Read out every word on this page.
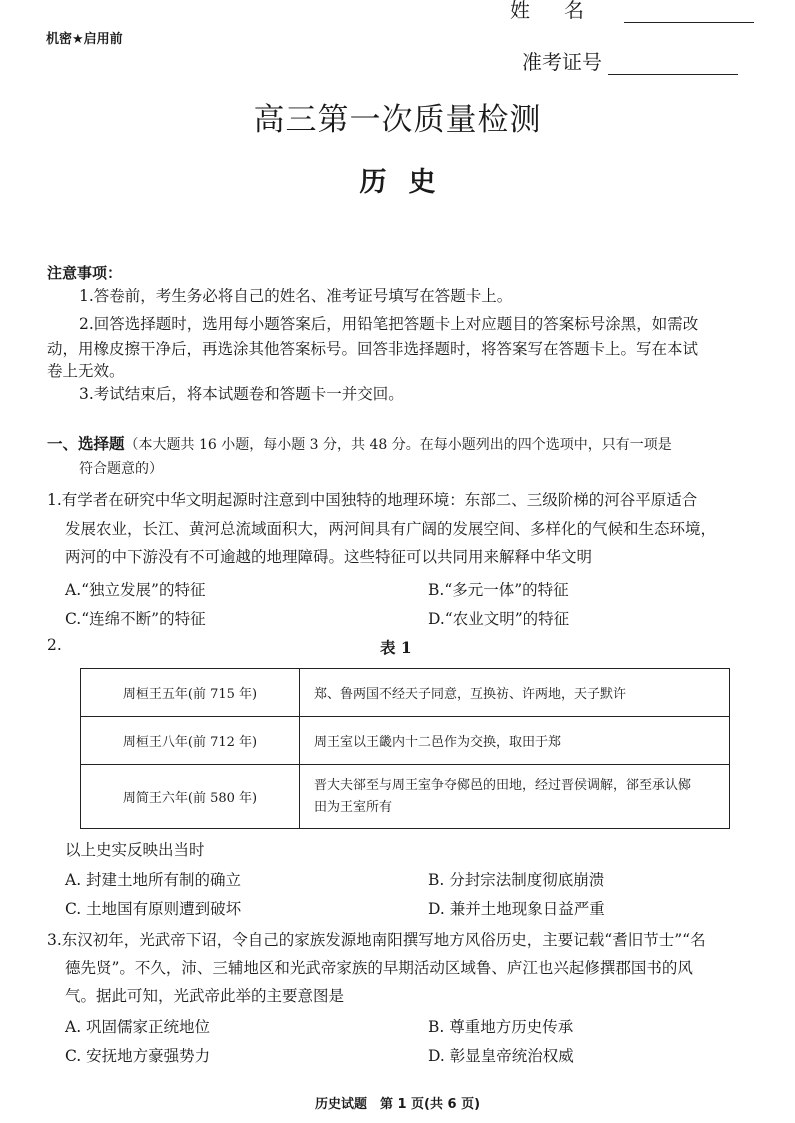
机密★启用前
姓名
准考证号
高三第一次质量检测
历史
注意事项：
1.答卷前，考生务必将自己的姓名、准考证号填写在答题卡上。
2.回答选择题时，选用每小题答案后，用铅笔把答题卡上对应题目的答案标号涂黑，如需改
动，用橡皮擦干净后，再选涂其他答案标号。回答非选择题时，将答案写在答题卡上。写在本试
卷上无效。
3.考试结束后，将本试题卷和答题卡一并交回。
一、选择题（本大题共 16 小题，每小题 3 分，共 48 分。在每小题列出的四个选项中，只有一项是
符合题意的）
1.有学者在研究中华文明起源时注意到中国独特的地理环境：东部二、三级阶梯的河谷平原适合
发展农业，长江、黄河总流域面积大，两河间具有广阔的发展空间、多样化的气候和生态环境，
两河的中下游没有不可逾越的地理障碍。这些特征可以共同用来解释中华文明
A.“独立发展”的特征	B.“多元一体”的特征
C.“连绵不断”的特征	D.“农业文明”的特征
2.	表 1
周桓王五年(前 715 年)	郑、鲁两国不经天子同意，互换祊、许两地，天子默许
周桓王八年(前 712 年)	周王室以王畿内十二邑作为交换，取田于郑
周简王六年(前 580 年)	晋大夫郤至与周王室争夺鄇邑的田地，经过晋侯调解，郤至承认鄇
田为王室所有
以上史实反映出当时
A. 封建土地所有制的确立	B. 分封宗法制度彻底崩溃
C. 土地国有原则遭到破坏	D. 兼并土地现象日益严重
3.东汉初年，光武帝下诏，令自己的家族发源地南阳撰写地方风俗历史，主要记载“耆旧节士”“名
德先贤”。不久，沛、三辅地区和光武帝家族的早期活动区域鲁、庐江也兴起修撰郡国书的风
气。据此可知，光武帝此举的主要意图是
A. 巩固儒家正统地位	B. 尊重地方历史传承
C. 安抚地方豪强势力	D. 彰显皇帝统治权威
历史试题　第 1 页(共 6 页)
